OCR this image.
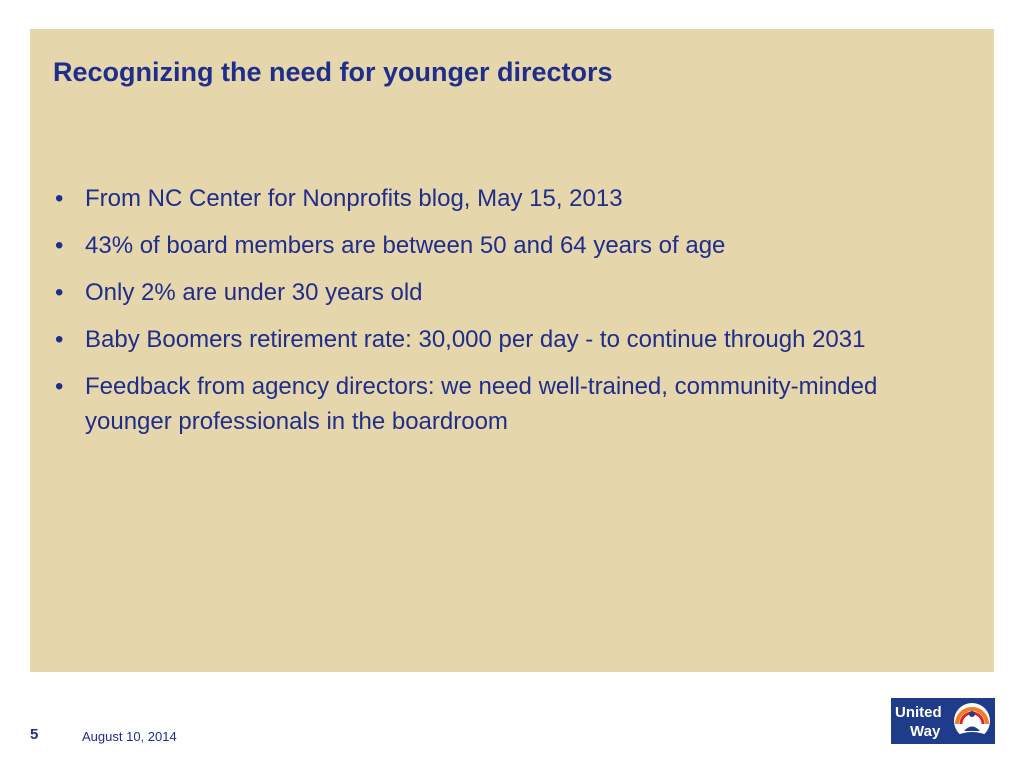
Recognizing the need for younger directors
• From NC Center for Nonprofits blog, May 15, 2013
• 43% of board members are between 50 and 64 years of age
• Only 2% are under 30 years old
• Baby Boomers retirement rate: 30,000 per day - to continue through 2031
• Feedback from agency directors: we need well-trained, community-minded younger professionals in the boardroom
5	August 10, 2014
United
Way
